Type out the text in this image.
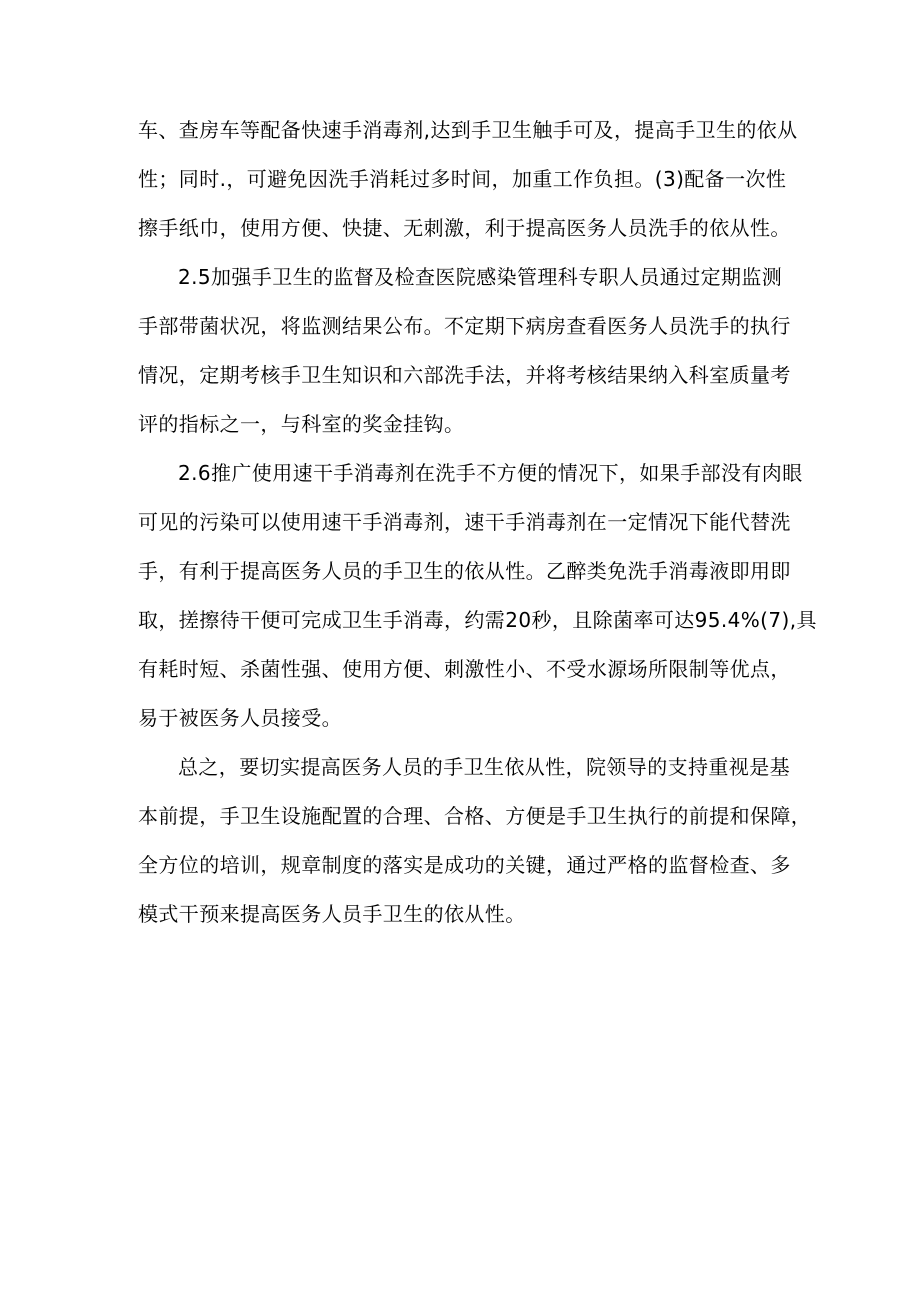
车、查房车等配备快速手消毒剂,达到手卫生触手可及，提高手卫生的依从
性；同时.，可避免因洗手消耗过多时间，加重工作负担。(3)配备一次性
擦手纸巾，使用方便、快捷、无刺激，利于提高医务人员洗手的依从性。
2.5加强手卫生的监督及检查医院感染管理科专职人员通过定期监测
手部带菌状况，将监测结果公布。不定期下病房查看医务人员洗手的执行
情况，定期考核手卫生知识和六部洗手法，并将考核结果纳入科室质量考
评的指标之一，与科室的奖金挂钩。
2.6推广使用速干手消毒剂在洗手不方便的情况下，如果手部没有肉眼
可见的污染可以使用速干手消毒剂，速干手消毒剂在一定情况下能代替洗
手，有利于提高医务人员的手卫生的依从性。乙醉类免洗手消毒液即用即
取，搓擦待干便可完成卫生手消毒，约需20秒，且除菌率可达95.4%(7),具
有耗时短、杀菌性强、使用方便、刺激性小、不受水源场所限制等优点，
易于被医务人员接受。
总之，要切实提高医务人员的手卫生依从性，院领导的支持重视是基
本前提，手卫生设施配置的合理、合格、方便是手卫生执行的前提和保障，
全方位的培训，规章制度的落实是成功的关键，通过严格的监督检查、多
模式干预来提高医务人员手卫生的依从性。
